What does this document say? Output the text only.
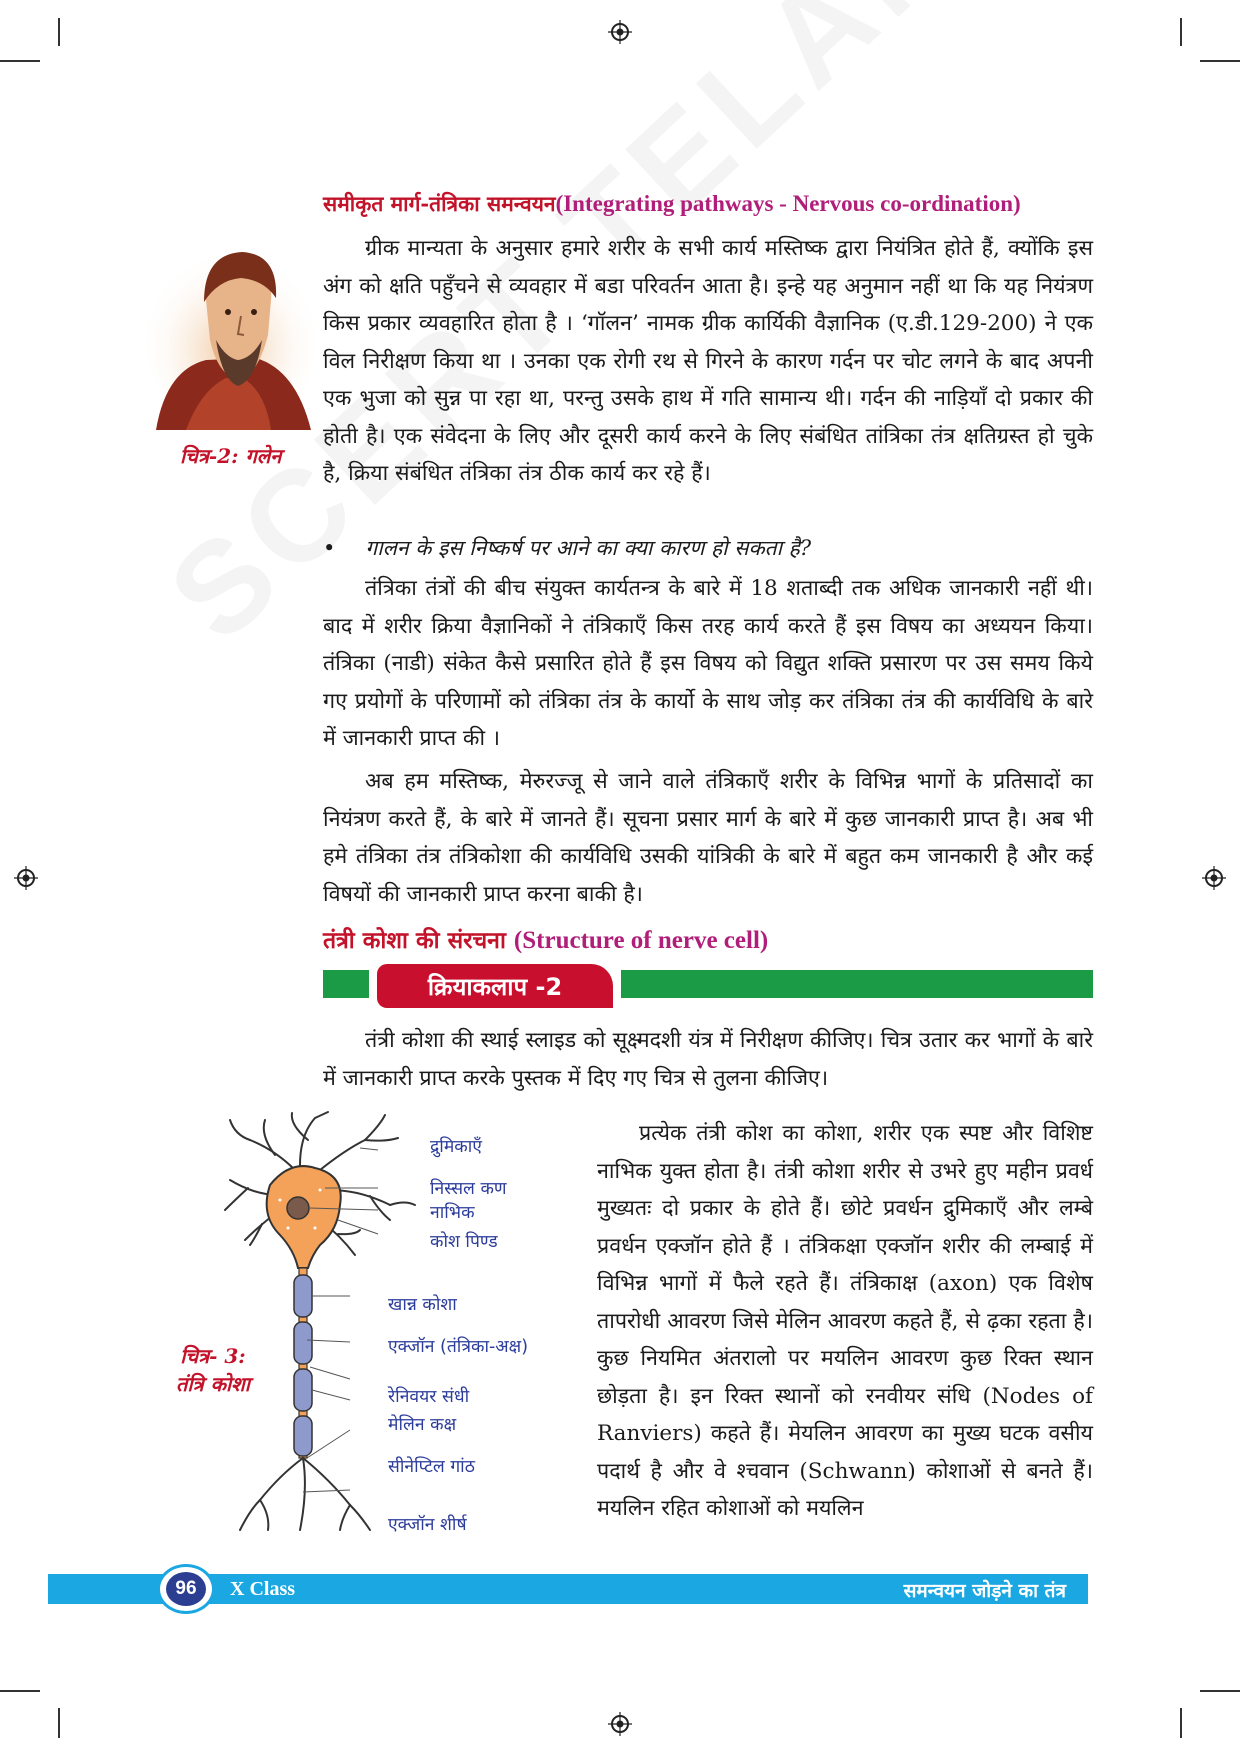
समीकृत मार्ग-तंत्रिका समन्वयन(Integrating pathways - Nervous co-ordination)
चित्र-2: गलेन

ग्रीक मान्यता के अनुसार हमारे शरीर के सभी कार्य मस्तिष्क द्वारा नियंत्रित होते हैं, क्योंकि इस अंग को क्षति पहुँचने से व्यवहार में बडा परिवर्तन आता है। इन्हे यह अनुमान नहीं था कि यह नियंत्रण किस प्रकार व्यवहारित होता है । ‘गॉलन’ नामक ग्रीक कार्यिकी वैज्ञानिक (ए.डी.129-200) ने एक विल निरीक्षण किया था । उनका एक रोगी रथ से गिरने के कारण गर्दन पर चोट लगने के बाद अपनी एक भुजा को सुन्न पा रहा था, परन्तु उसके हाथ में गति सामान्य थी। गर्दन की नाड़ियाँ दो प्रकार की होती है। एक संवेदना के लिए और दूसरी कार्य करने के लिए संबंधित तांत्रिका तंत्र क्षतिग्रस्त हो चुके है, क्रिया संबंधित तंत्रिका तंत्र ठीक कार्य कर रहे हैं।

• गालन के इस निष्कर्ष पर आने का क्या कारण हो सकता है?

तंत्रिका तंत्रों की बीच संयुक्त कार्यतन्त्र के बारे में 18 शताब्दी तक अधिक जानकारी नहीं थी। बाद में शरीर क्रिया वैज्ञानिकों ने तंत्रिकाएँ किस तरह कार्य करते हैं इस विषय का अध्ययन किया। तंत्रिका (नाडी) संकेत कैसे प्रसारित होते हैं इस विषय को विद्युत शक्ति प्रसारण पर उस समय किये गए प्रयोगों के परिणामों को तंत्रिका तंत्र के कार्यो के साथ जोड़ कर तंत्रिका तंत्र की कार्यविधि के बारे में जानकारी प्राप्त की ।

अब हम मस्तिष्क, मेरुरज्जू से जाने वाले तंत्रिकाएँ शरीर के विभिन्न भागों के प्रतिसादों का नियंत्रण करते हैं, के बारे में जानते हैं। सूचना प्रसार मार्ग के बारे में कुछ जानकारी प्राप्त है। अब भी हमे तंत्रिका तंत्र तंत्रिकोशा की कार्यविधि उसकी यांत्रिकी के बारे में बहुत कम जानकारी है और कई विषयों की जानकारी प्राप्त करना बाकी है।

तंत्री कोशा की संरचना (Structure of nerve cell)
क्रियाकलाप -2

तंत्री कोशा की स्थाई स्लाइड को सूक्ष्मदशी यंत्र में निरीक्षण कीजिए। चित्र उतार कर भागों के बारे में जानकारी प्राप्त करके पुस्तक में दिए गए चित्र से तुलना कीजिए।

द्रुमिकाएँ
निस्सल कण
नाभिक
कोश पिण्ड
खान्न कोशा
एक्जॉन (तंत्रिका-अक्ष)
रेनिवयर संधी
मेलिन कक्ष
सीनेप्टिल गांठ
एक्जॉन शीर्ष
चित्र- 3:
तंत्रि कोशा

प्रत्येक तंत्री कोश का कोशा, शरीर एक स्पष्ट और विशिष्ट नाभिक युक्त होता है। तंत्री कोशा शरीर से उभरे हुए महीन प्रवर्ध मुख्यतः दो प्रकार के होते हैं। छोटे प्रवर्धन द्रुमिकाएँ और लम्बे प्रवर्धन एक्जॉन होते हैं । तंत्रिकक्षा एक्जॉन शरीर की लम्बाई में विभिन्न भागों में फैले रहते हैं। तंत्रिकाक्ष (axon) एक विशेष तापरोधी आवरण जिसे मेलिन आवरण कहते हैं, से ढ़का रहता है। कुछ नियमित अंतरालो पर मयलिन आवरण कुछ रिक्त स्थान छोड़ता है। इन रिक्त स्थानों को रनवीयर संधि (Nodes of Ranviers) कहते हैं। मेयलिन आवरण का मुख्य घटक वसीय पदार्थ है और वे श्चवान (Schwann) कोशाओं से बनते हैं। मयलिन रहित कोशाओं को मयलिन

समन्वयन जोड़ने का तंत्र
96	X Class
